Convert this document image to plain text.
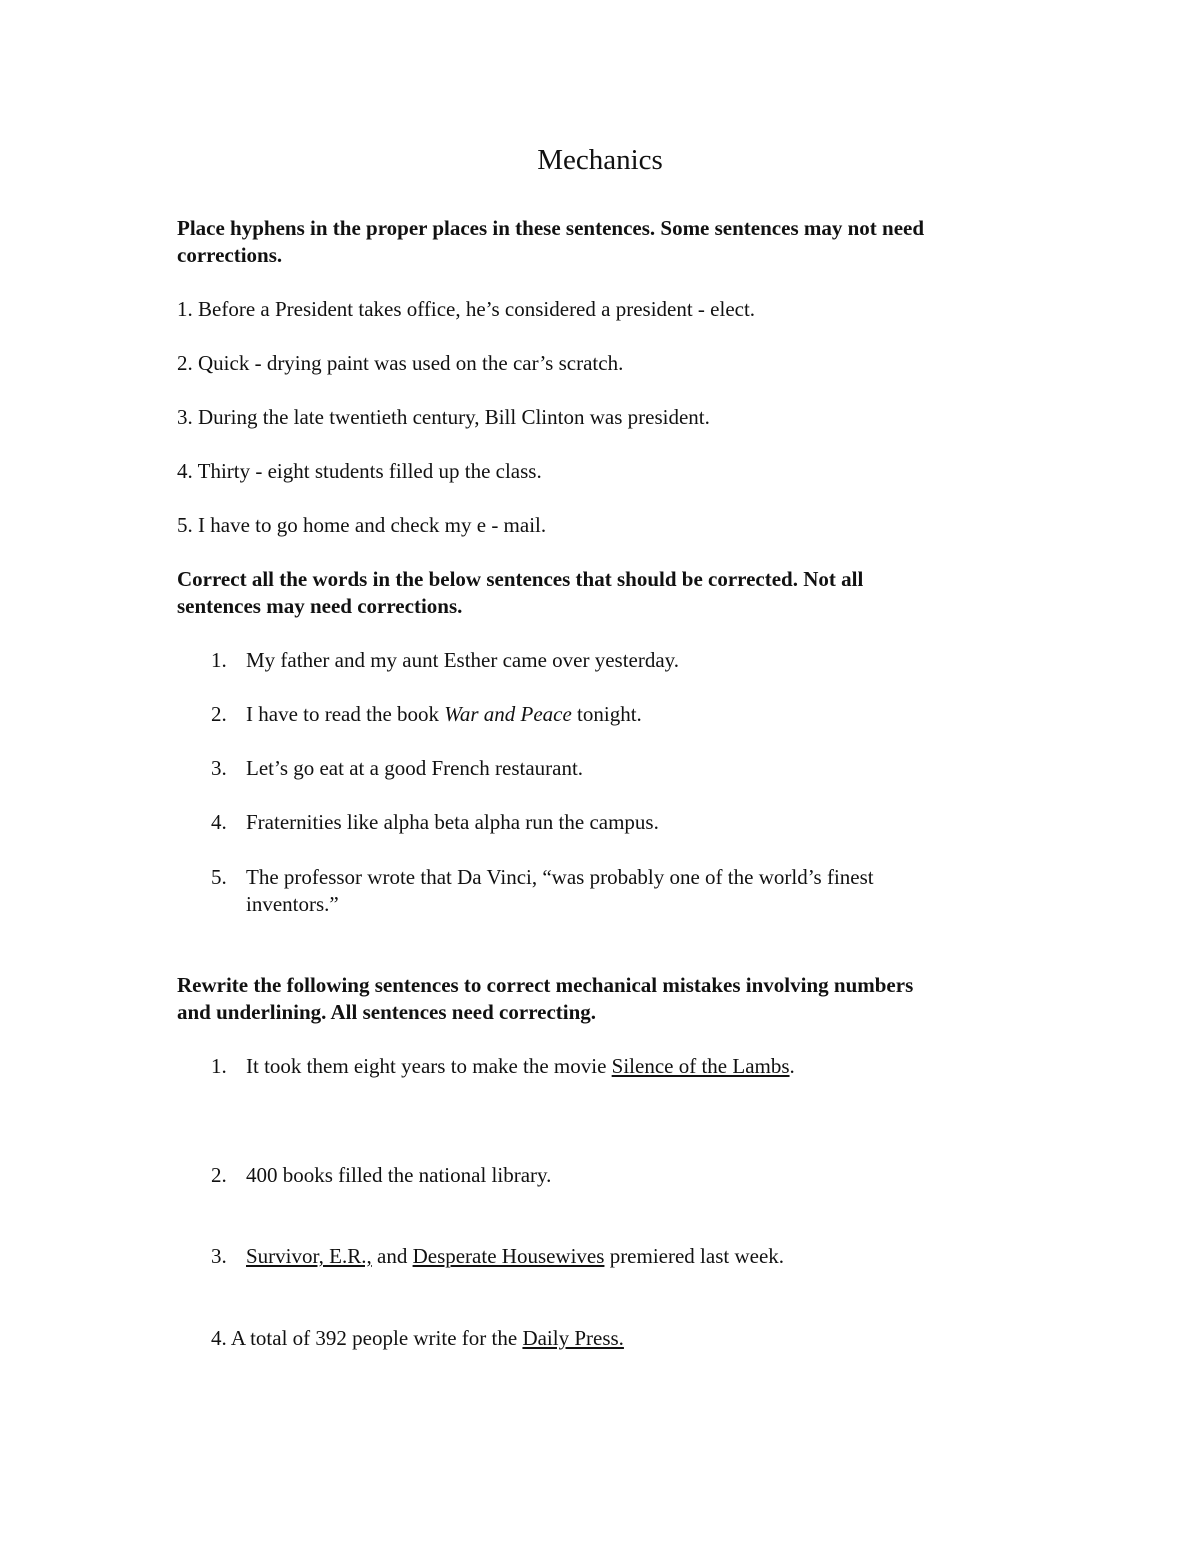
Mechanics
Place hyphens in the proper places in these sentences. Some sentences may not need
corrections.
1. Before a President takes office, he’s considered a president - elect.
2. Quick - drying paint was used on the car’s scratch.
3. During the late twentieth century, Bill Clinton was president.
4. Thirty - eight students filled up the class.
5. I have to go home and check my e - mail.
Correct all the words in the below sentences that should be corrected. Not all
sentences may need corrections.
1. My father and my aunt Esther came over yesterday.
2. I have to read the book War and Peace tonight.
3. Let’s go eat at a good French restaurant.
4. Fraternities like alpha beta alpha run the campus.
5. The professor wrote that Da Vinci, “was probably one of the world’s finest
inventors.”
Rewrite the following sentences to correct mechanical mistakes involving numbers
and underlining. All sentences need correcting.
1. It took them eight years to make the movie Silence of the Lambs.
2. 400 books filled the national library.
3. Survivor, E.R., and Desperate Housewives premiered last week.
4. A total of 392 people write for the Daily Press.
